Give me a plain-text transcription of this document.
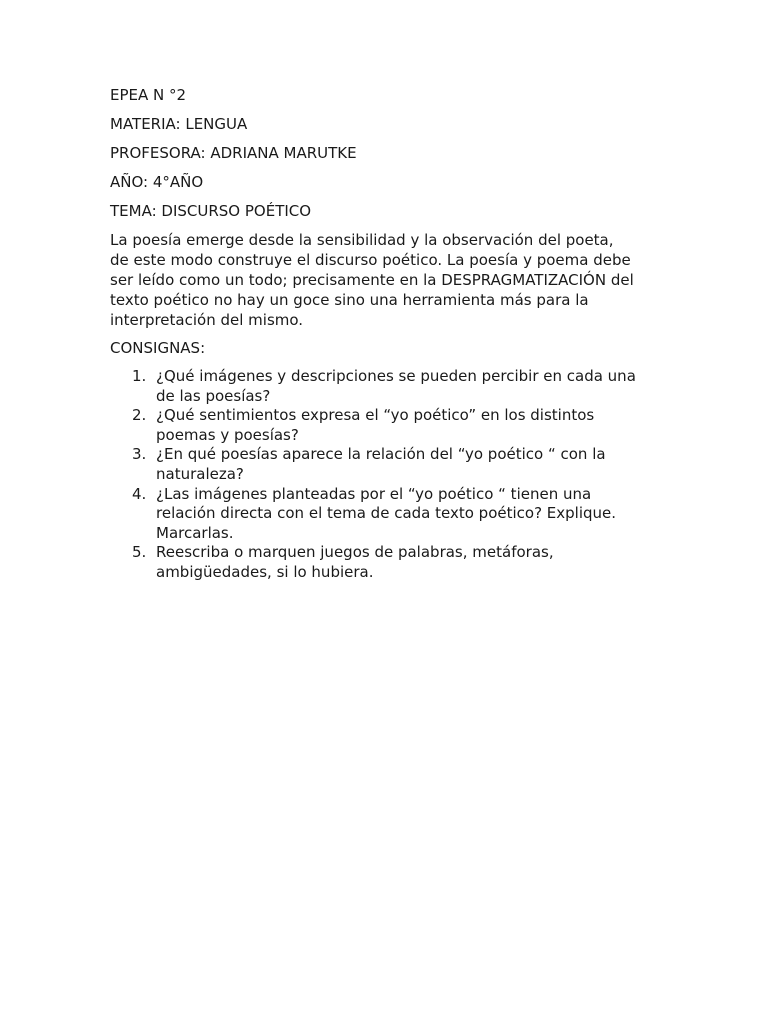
EPEA N °2

MATERIA: LENGUA

PROFESORA: ADRIANA MARUTKE

AÑO: 4°AÑO

TEMA: DISCURSO POÉTICO

La poesía emerge desde la sensibilidad y la observación del poeta,
de este modo construye el discurso poético. La poesía y poema debe
ser leído como un todo; precisamente en la DESPRAGMATIZACIÓN del
texto poético no hay un goce sino una herramienta más para la
interpretación del mismo.

CONSIGNAS:

1. ¿Qué imágenes y descripciones se pueden percibir en cada una
de las poesías?
2. ¿Qué sentimientos expresa el “yo poético” en los distintos
poemas y poesías?
3. ¿En qué poesías aparece la relación del “yo poético “ con la
naturaleza?
4. ¿Las imágenes planteadas por el “yo poético “ tienen una
relación directa con el tema de cada texto poético? Explique.
Marcarlas.
5. Reescriba o marquen juegos de palabras, metáforas,
ambigüedades, si lo hubiera.
